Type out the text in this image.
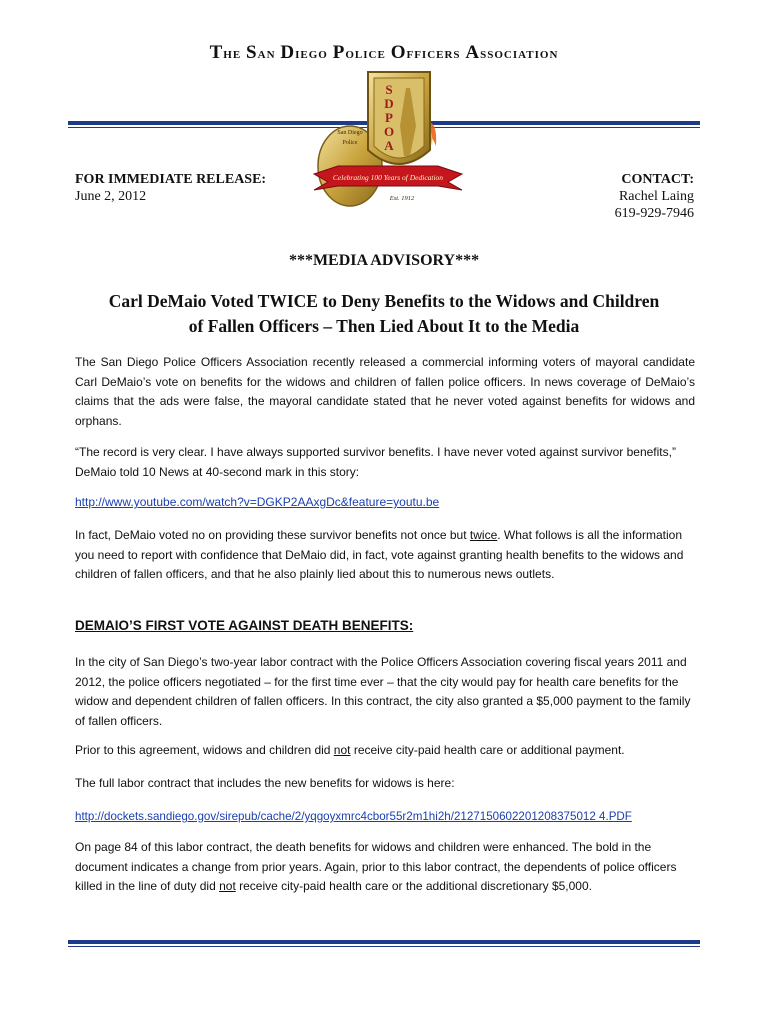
The San Diego Police Officers Association
San Diego
Police
S D P O A
Celebrating 100 Years of Dedication
Est. 1912
FOR IMMEDIATE RELEASE:
June 2, 2012
CONTACT:
Rachel Laing
619-929-7946
***MEDIA ADVISORY***
Carl DeMaio Voted TWICE to Deny Benefits to the Widows and Children
of Fallen Officers – Then Lied About It to the Media
The San Diego Police Officers Association recently released a commercial informing voters of mayoral candidate Carl DeMaio’s vote on benefits for the widows and children of fallen police officers. In news coverage of DeMaio’s claims that the ads were false, the mayoral candidate stated that he never voted against benefits for widows and orphans.
“The record is very clear. I have always supported survivor benefits. I have never voted against survivor benefits,” DeMaio told 10 News at 40-second mark in this story:
http://www.youtube.com/watch?v=DGKP2AAxgDc&feature=youtu.be
In fact, DeMaio voted no on providing these survivor benefits not once but twice. What follows is all the information you need to report with confidence that DeMaio did, in fact, vote against granting health benefits to the widows and children of fallen officers, and that he also plainly lied about this to numerous news outlets.
DEMAIO’S FIRST VOTE AGAINST DEATH BENEFITS:
In the city of San Diego’s two-year labor contract with the Police Officers Association covering fiscal years 2011 and 2012, the police officers negotiated – for the first time ever – that the city would pay for health care benefits for the widow and dependent children of fallen officers. In this contract, the city also granted a $5,000 payment to the family of fallen officers.
Prior to this agreement, widows and children did not receive city-paid health care or additional payment.
The full labor contract that includes the new benefits for widows is here:
http://dockets.sandiego.gov/sirepub/cache/2/yqgoyxmrc4cbor55r2m1hi2h/2127150602201208375012 4.PDF
On page 84 of this labor contract, the death benefits for widows and children were enhanced. The bold in the document indicates a change from prior years. Again, prior to this labor contract, the dependents of police officers killed in the line of duty did not receive city-paid health care or the additional discretionary $5,000.
